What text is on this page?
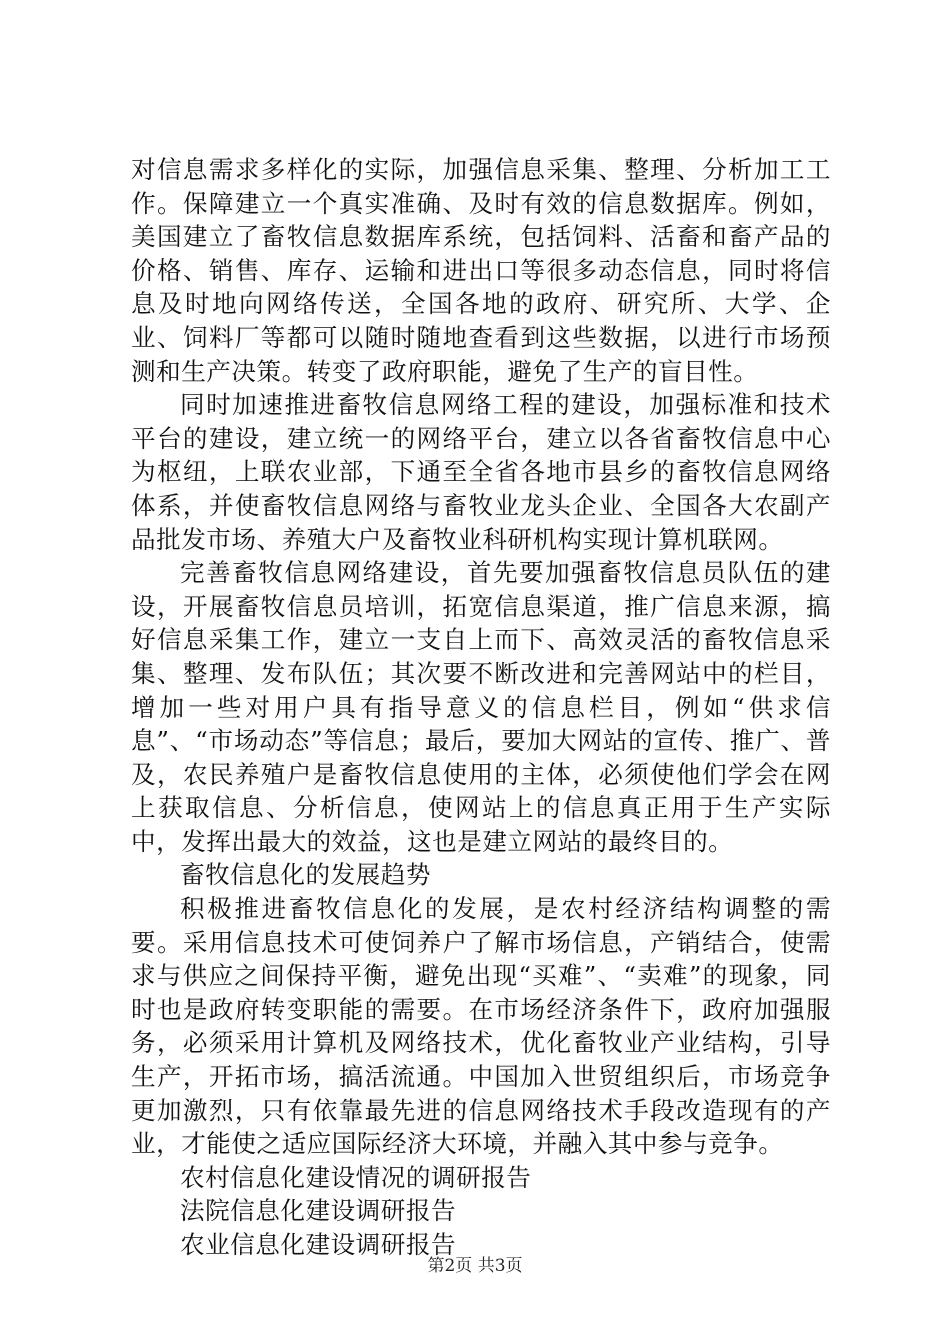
对信息需求多样化的实际，加强信息采集、整理、分析加工工作。保障建立一个真实准确、及时有效的信息数据库。例如，美国建立了畜牧信息数据库系统，包括饲料、活畜和畜产品的价格、销售、库存、运输和进出口等很多动态信息，同时将信息及时地向网络传送，全国各地的政府、研究所、大学、企业、饲料厂等都可以随时随地查看到这些数据，以进行市场预测和生产决策。转变了政府职能，避免了生产的盲目性。

同时加速推进畜牧信息网络工程的建设，加强标准和技术平台的建设，建立统一的网络平台，建立以各省畜牧信息中心为枢纽，上联农业部，下通至全省各地市县乡的畜牧信息网络体系，并使畜牧信息网络与畜牧业龙头企业、全国各大农副产品批发市场、养殖大户及畜牧业科研机构实现计算机联网。

完善畜牧信息网络建设，首先要加强畜牧信息员队伍的建设，开展畜牧信息员培训，拓宽信息渠道，推广信息来源，搞好信息采集工作，建立一支自上而下、高效灵活的畜牧信息采集、整理、发布队伍；其次要不断改进和完善网站中的栏目，增加一些对用户具有指导意义的信息栏目，例如“供求信息”、“市场动态”等信息；最后，要加大网站的宣传、推广、普及，农民养殖户是畜牧信息使用的主体，必须使他们学会在网上获取信息、分析信息，使网站上的信息真正用于生产实际中，发挥出最大的效益，这也是建立网站的最终目的。

畜牧信息化的发展趋势

积极推进畜牧信息化的发展，是农村经济结构调整的需要。采用信息技术可使饲养户了解市场信息，产销结合，使需求与供应之间保持平衡，避免出现“买难”、“卖难”的现象，同时也是政府转变职能的需要。在市场经济条件下，政府加强服务，必须采用计算机及网络技术，优化畜牧业产业结构，引导生产，开拓市场，搞活流通。中国加入世贸组织后，市场竞争更加激烈，只有依靠最先进的信息网络技术手段改造现有的产业，才能使之适应国际经济大环境，并融入其中参与竞争。

农村信息化建设情况的调研报告

法院信息化建设调研报告

农业信息化建设调研报告

第2页 共3页
